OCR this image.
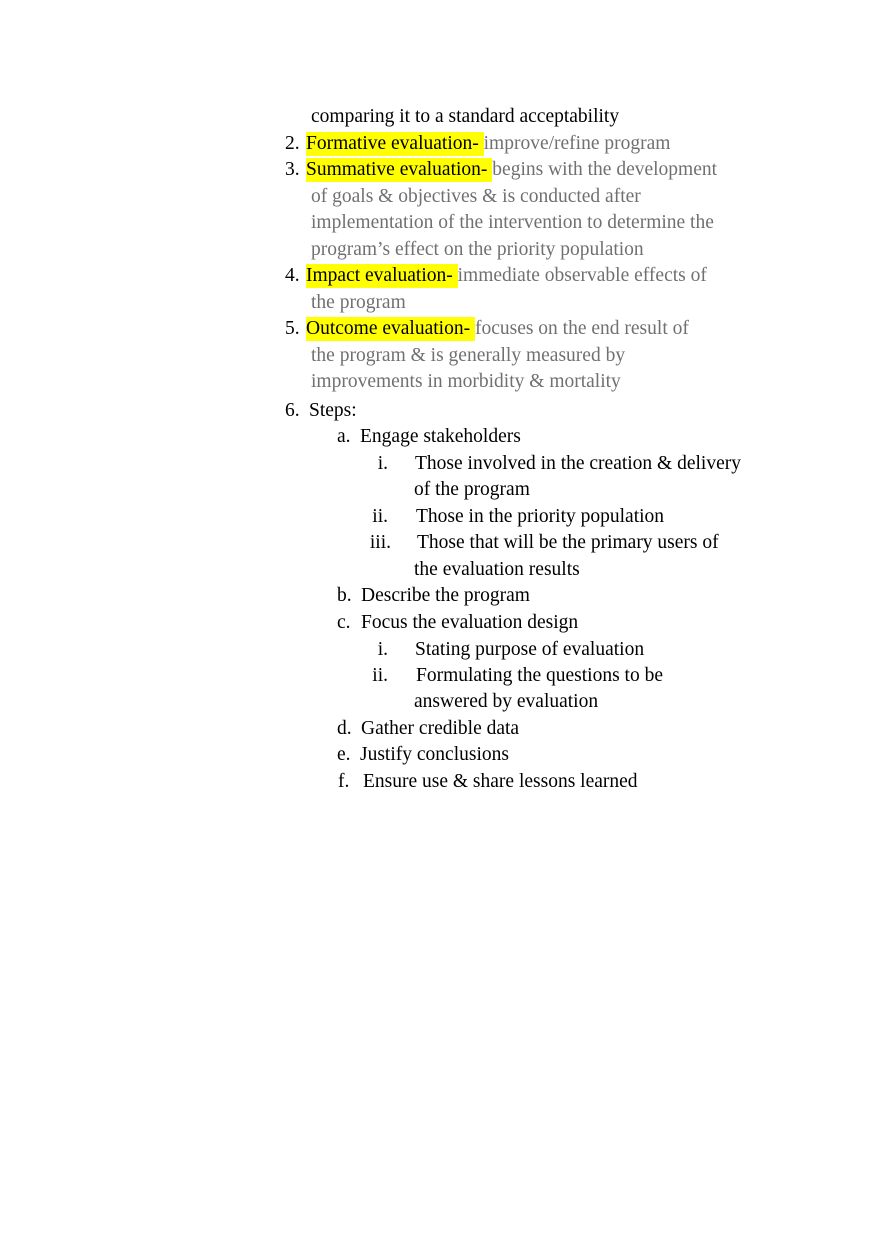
comparing it to a standard acceptability
2. Formative evaluation- improve/refine program
3. Summative evaluation- begins with the development
of goals & objectives & is conducted after
implementation of the intervention to determine the
program’s effect on the priority population
4. Impact evaluation- immediate observable effects of
the program
5. Outcome evaluation- focuses on the end result of
the program & is generally measured by
improvements in morbidity & mortality
6. Steps:
a. Engage stakeholders
i. Those involved in the creation & delivery
of the program
ii. Those in the priority population
iii. Those that will be the primary users of
the evaluation results
b. Describe the program
c. Focus the evaluation design
i. Stating purpose of evaluation
ii. Formulating the questions to be
answered by evaluation
d. Gather credible data
e. Justify conclusions
f. Ensure use & share lessons learned
